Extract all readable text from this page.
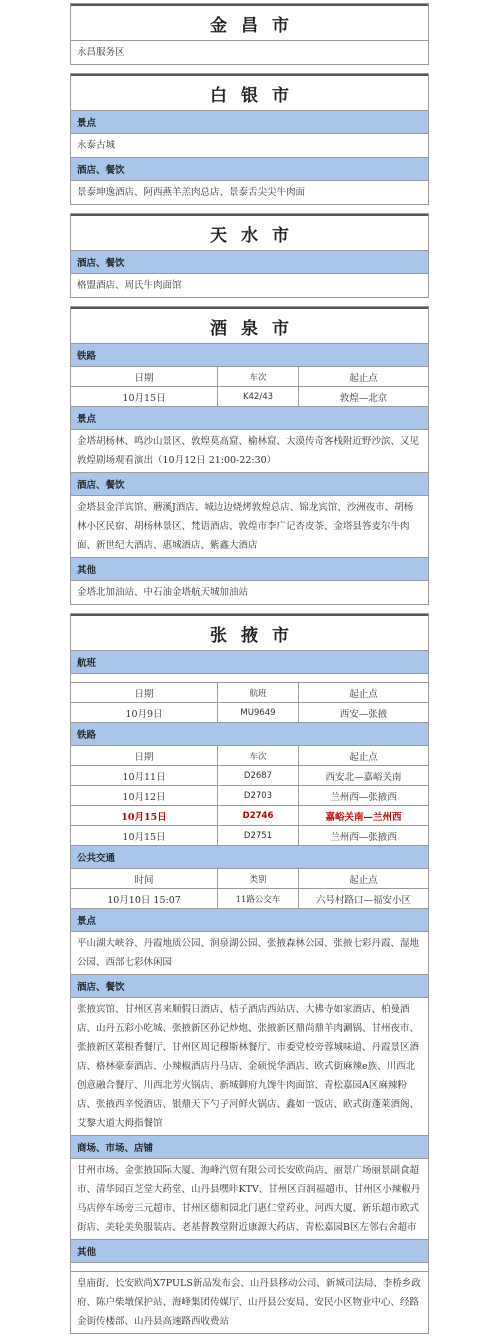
金昌市
永昌服务区
白银市
景点
永泰古城
酒店、餐饮
景泰坤逸酒店、阿西燕羊羔肉总店、景泰舌尖尖牛肉面
天水市
酒店、餐饮
格盟酒店、周氏牛肉面馆
酒泉市
铁路
日期	车次	起止点
10月15日	K42/43	敦煌—北京
景点
金塔胡杨林、鸣沙山景区、敦煌莫高窟、榆林窟、大漠传奇客栈附近野沙滨、又见敦煌剧场观看演出（10月12日 21:00-22:30）
酒店、餐饮
金塔县金洋宾馆、蘑溪J酒店、城边边烧烤敦煌总店、锦龙宾馆、沙洲夜市、胡杨林小区民宿、胡杨林景区、梵语酒店、敦煌市李广记杏皮茶、金塔县答麦尔牛肉面、新世纪大酒店、惠城酒店、紫鑫大酒店
其他
金塔北加油站、中石油金塔航天城加油站
张掖市
航班
日期	航班	起止点
10月9日	MU9649	西安—张掖
铁路
日期	车次	起止点
10月11日	D2687	西安北—嘉峪关南
10月12日	D2703	兰州西—张掖西
10月15日	D2746	嘉峪关南—兰州西
10月15日	D2751	兰州西—张掖西
公共交通
时间	类别	起止点
10月10日 15:07	11路公交车	六号村路口—福安小区
景点
平山湖大峡谷、丹霞地质公园、润泉湖公园、张掖森林公园、张掖七彩丹霞、湿地公园、西部七彩休闲园
酒店、餐饮
张掖宾馆、甘州区喜来顺假日酒店、桔子酒店西站店、大佛寺如家酒店、柏曼酒店、山丹五彩小吃城、张掖新区孙记炒炮、张掖新区鼎尚鼎羊肉涮锅、甘州夜市、张掖新区菜根香餐厅、甘州区周记穆斯林餐厅、市委党校旁蓉城味道、丹霞景区酒店、格林豪泰酒店、小辣椒酒店丹马店、金硕悦华酒店、欧式街麻辣e族、川西北创意融合餐厅、川西北芳火锅店、新城御府九馋牛肉面馆、青松嘉园A区麻辣粉店、张掖西辛悦酒店、银鼎天下勺子河鲜火锅店、鑫如一饭店、欧式街蓬莱酒阁、艾黎大道大拇指餐馆
商场、市场、店铺
甘州市场、金张掖国际大厦、海峰汽贸有限公司长安欧尚店、丽景广场丽景副食超市、清华园百芝堂大药堂、山丹县嘿咔KTV、甘州区百润福超市、甘州区小辣椒丹马店停车场旁三元超市、甘州区德和园北门惠仁堂药业、河西大厦、新乐超市欧式街店、美轮美奂服装店、老基督教堂附近康源大药店、青松嘉园B区左邻右舍超市
其他
皇庙街、长安欧尚X7PULS新品发布会、山丹县移动公司、新城司法局、李桥乡政府、陈户柴墩保护站、海峰集团传媒厅、山丹县公安局、安民小区物业中心、经路金街传楼部、山丹县高速路西收费站
